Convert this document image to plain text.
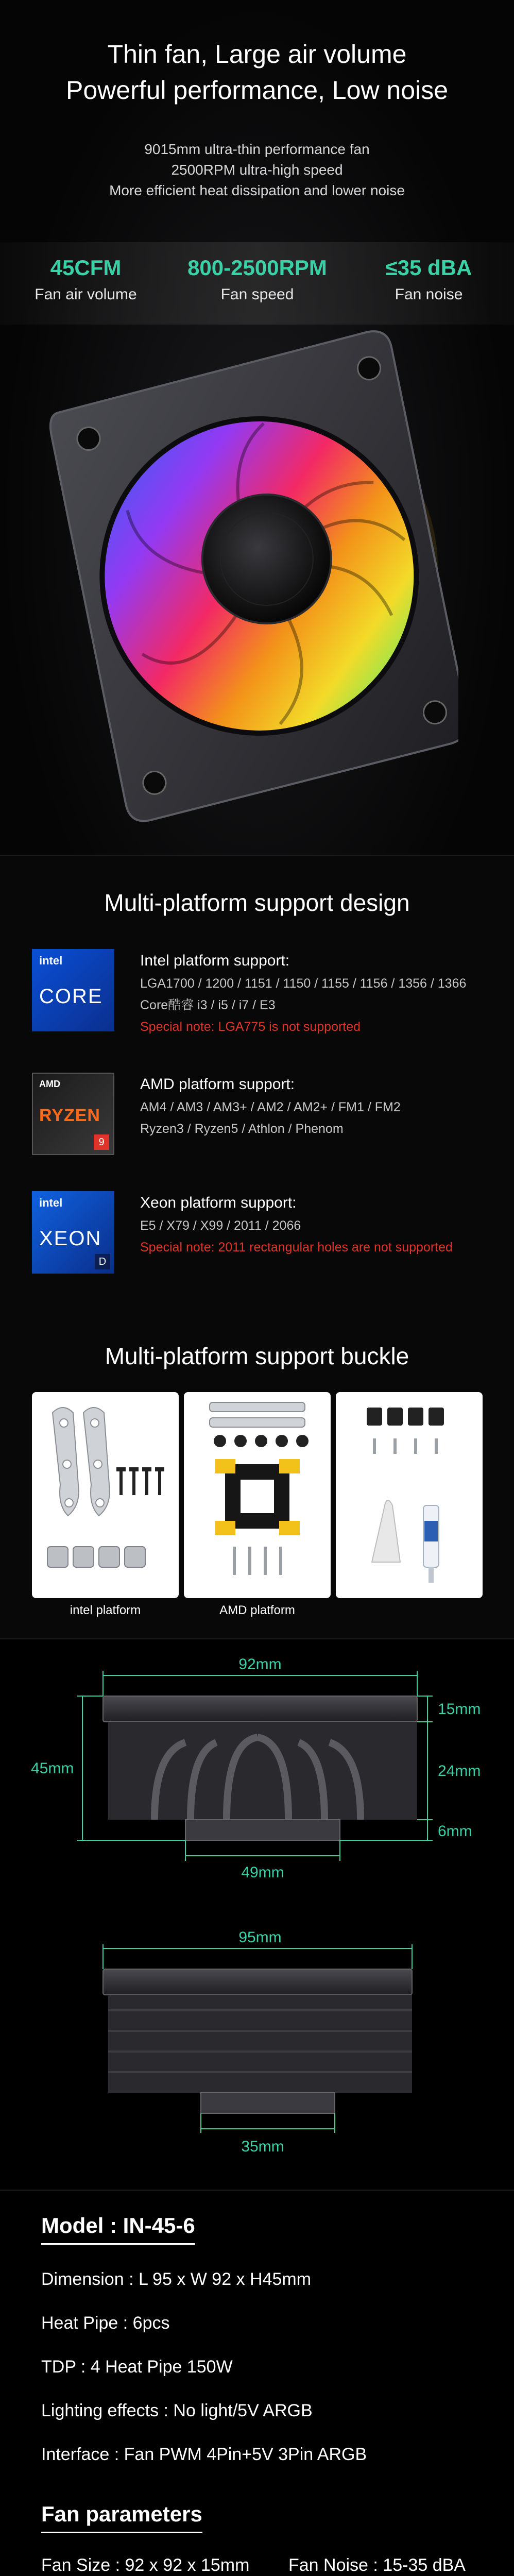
Thin fan, Large air volume
Powerful performance, Low noise
9015mm ultra-thin performance fan
2500RPM ultra-high speed
More efficient heat dissipation and lower noise
45CFM
Fan air volume
800-2500RPM
Fan speed
≤35 dBA
Fan noise
Multi-platform support design
intel
CORE
Intel platform support:
LGA1700 / 1200 / 1151 / 1150 / 1155 / 1156 / 1356 / 1366
Core酷睿 i3 / i5 / i7 / E3
Special note: LGA775 is not supported
AMD
RYZEN
9
AMD platform support:
AM4 / AM3 / AM3+ / AM2 / AM2+ / FM1 / FM2
Ryzen3 / Ryzen5 / Athlon / Phenom
intel
XEON
D
Xeon platform support:
E5 / X79 / X99 / 2011 / 2066
Special note: 2011 rectangular holes are not supported
Multi-platform support buckle
intel platform	AMD platform
92mm
45mm
15mm
24mm
6mm
49mm
95mm
35mm
Model : IN-45-6
Dimension : L 95 x W 92 x H45mm
Heat Pipe : 6pcs
TDP : 4 Heat Pipe 150W
Lighting effects : No light/5V ARGB
Interface : Fan PWM 4Pin+5V 3Pin ARGB
Fan parameters
Fan Size : 92 x 92 x 15mm Fan Noise : 15-35 dBA
